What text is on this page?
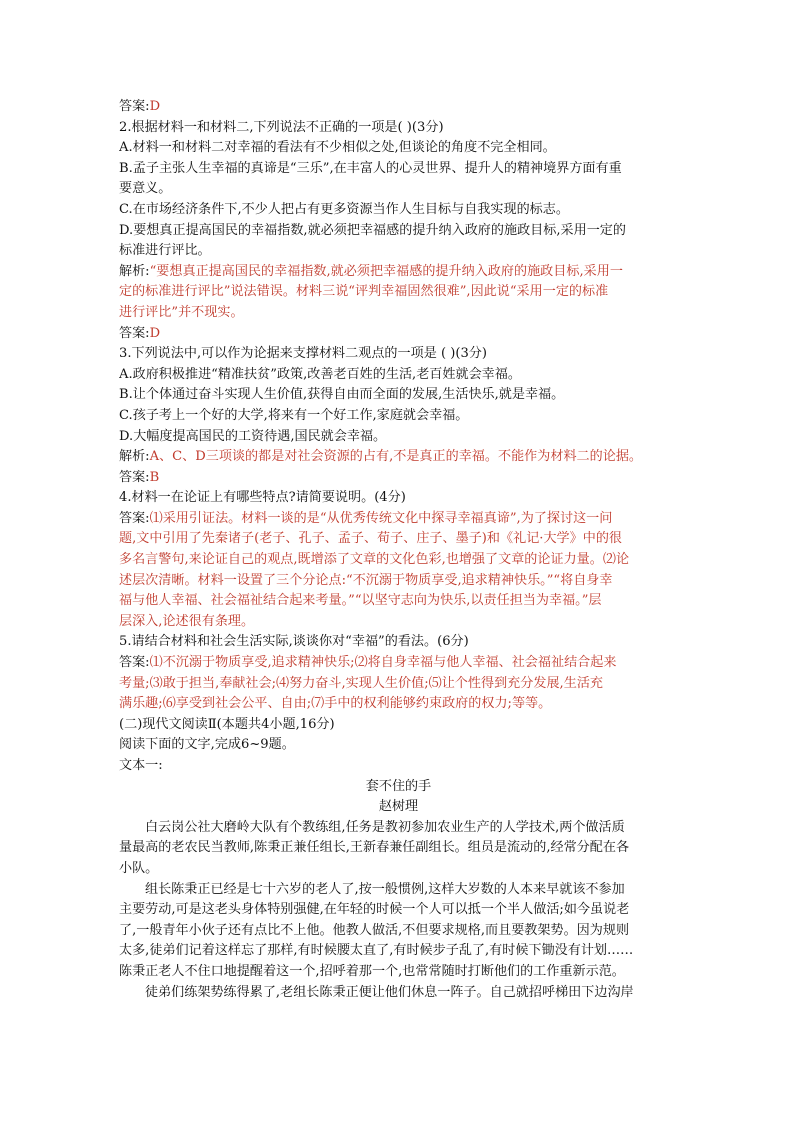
答案:D
2.根据材料一和材料二,下列说法不正确的一项是( )(3分)
A.材料一和材料二对幸福的看法有不少相似之处,但谈论的角度不完全相同。
B.孟子主张人生幸福的真谛是“三乐”,在丰富人的心灵世界、提升人的精神境界方面有重
要意义。
C.在市场经济条件下,不少人把占有更多资源当作人生目标与自我实现的标志。
D.要想真正提高国民的幸福指数,就必须把幸福感的提升纳入政府的施政目标,采用一定的
标准进行评比。
解析:“要想真正提高国民的幸福指数,就必须把幸福感的提升纳入政府的施政目标,采用一
定的标准进行评比”说法错误。材料三说“评判幸福固然很难”,因此说“采用一定的标准
进行评比”并不现实。
答案:D
3.下列说法中,可以作为论据来支撑材料二观点的一项是 ( )(3分)
A.政府积极推进“精准扶贫”政策,改善老百姓的生活,老百姓就会幸福。
B.让个体通过奋斗实现人生价值,获得自由而全面的发展,生活快乐,就是幸福。
C.孩子考上一个好的大学,将来有一个好工作,家庭就会幸福。
D.大幅度提高国民的工资待遇,国民就会幸福。
解析:A、C、D三项谈的都是对社会资源的占有,不是真正的幸福。不能作为材料二的论据。
答案:B
4.材料一在论证上有哪些特点?请简要说明。(4分)
答案:⑴采用引证法。材料一谈的是“从优秀传统文化中探寻幸福真谛”,为了探讨这一问
题,文中引用了先秦诸子(老子、孔子、孟子、荀子、庄子、墨子)和《礼记·大学》中的很
多名言警句,来论证自己的观点,既增添了文章的文化色彩,也增强了文章的论证力量。⑵论
述层次清晰。材料一设置了三个分论点:“不沉溺于物质享受,追求精神快乐。”“将自身幸
福与他人幸福、社会福祉结合起来考量。”“以坚守志向为快乐,以责任担当为幸福。”层
层深入,论述很有条理。
5.请结合材料和社会生活实际,谈谈你对“幸福”的看法。(6分)
答案:⑴不沉溺于物质享受,追求精神快乐;⑵将自身幸福与他人幸福、社会福祉结合起来
考量;⑶敢于担当,奉献社会;⑷努力奋斗,实现人生价值;⑸让个性得到充分发展,生活充
满乐趣;⑹享受到社会公平、自由;⑺手中的权利能够约束政府的权力;等等。
(二)现代文阅读Ⅱ(本题共4小题,16分)
阅读下面的文字,完成6~9题。
文本一:
套不住的手
赵树理
白云岗公社大磨岭大队有个教练组,任务是教初参加农业生产的人学技术,两个做活质
量最高的老农民当教师,陈秉正兼任组长,王新春兼任副组长。组员是流动的,经常分配在各
小队。
组长陈秉正已经是七十六岁的老人了,按一般惯例,这样大岁数的人本来早就该不参加
主要劳动,可是这老头身体特别强健,在年轻的时候一个人可以抵一个半人做活;如今虽说老
了,一般青年小伙子还有点比不上他。他教人做活,不但要求规格,而且要教架势。因为规则
太多,徒弟们记着这样忘了那样,有时候腰太直了,有时候步子乱了,有时候下锄没有计划……
陈秉正老人不住口地提醒着这一个,招呼着那一个,也常常随时打断他们的工作重新示范。
徒弟们练架势练得累了,老组长陈秉正便让他们休息一阵子。自己就招呼梯田下边沟岸
